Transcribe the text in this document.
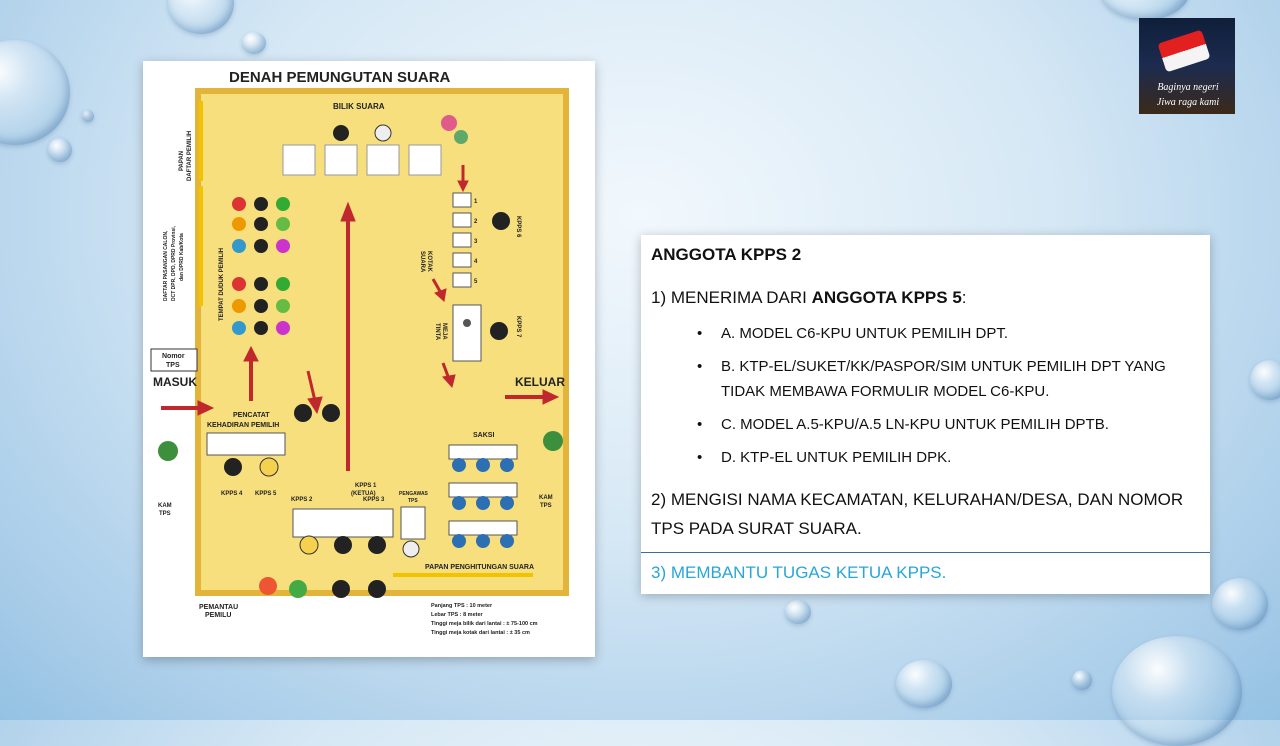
DENAH PEMUNGUTAN SUARA
PAPAN DAFTAR PEMILIH
DAFTAR PASANGAN CALON, DCT DPR, DPD, DPRD Provinsi, dan DPRD Kab/Kota
BILIK SUARA
TEMPAT DUDUK PEMILIH
Nomor
TPS
MASUK	KELUAR
KOTAK
SUARA
1
2
3
4
5
KPPS 6
MEJA
TINTA	KPPS 7
PENCATAT
KEHADIRAN PEMILIH
KPPS 4 KPPS 5
KPPS 1
(KETUA)
KPPS 2	KPPS 3
PENGAWAS
TPS
SAKSI
PAPAN PENGHITUNGAN SUARA
KAM
TPS
KAM
TPS
PEMANTAU
PEMILU
Panjang TPS : 10 meter
Lebar TPS : 8 meter
Tinggi meja bilik dari lantai : ± 75-100 cm
Tinggi meja kotak dari lantai : ± 35 cm
ANGGOTA KPPS 2
1) MENERIMA DARI ANGGOTA KPPS 5:
• A. MODEL C6-KPU UNTUK PEMILIH DPT.
• B. KTP-EL/SUKET/KK/PASPOR/SIM UNTUK PEMILIH DPT YANG TIDAK MEMBAWA FORMULIR MODEL C6-KPU.
• C. MODEL A.5-KPU/A.5 LN-KPU UNTUK PEMILIH DPTB.
• D. KTP-EL UNTUK PEMILIH DPK.
2) MENGISI NAMA KECAMATAN, KELURAHAN/DESA, DAN NOMOR TPS PADA SURAT SUARA.
3) MEMBANTU TUGAS KETUA KPPS.
Baginya negeri
Jiwa raga kami
